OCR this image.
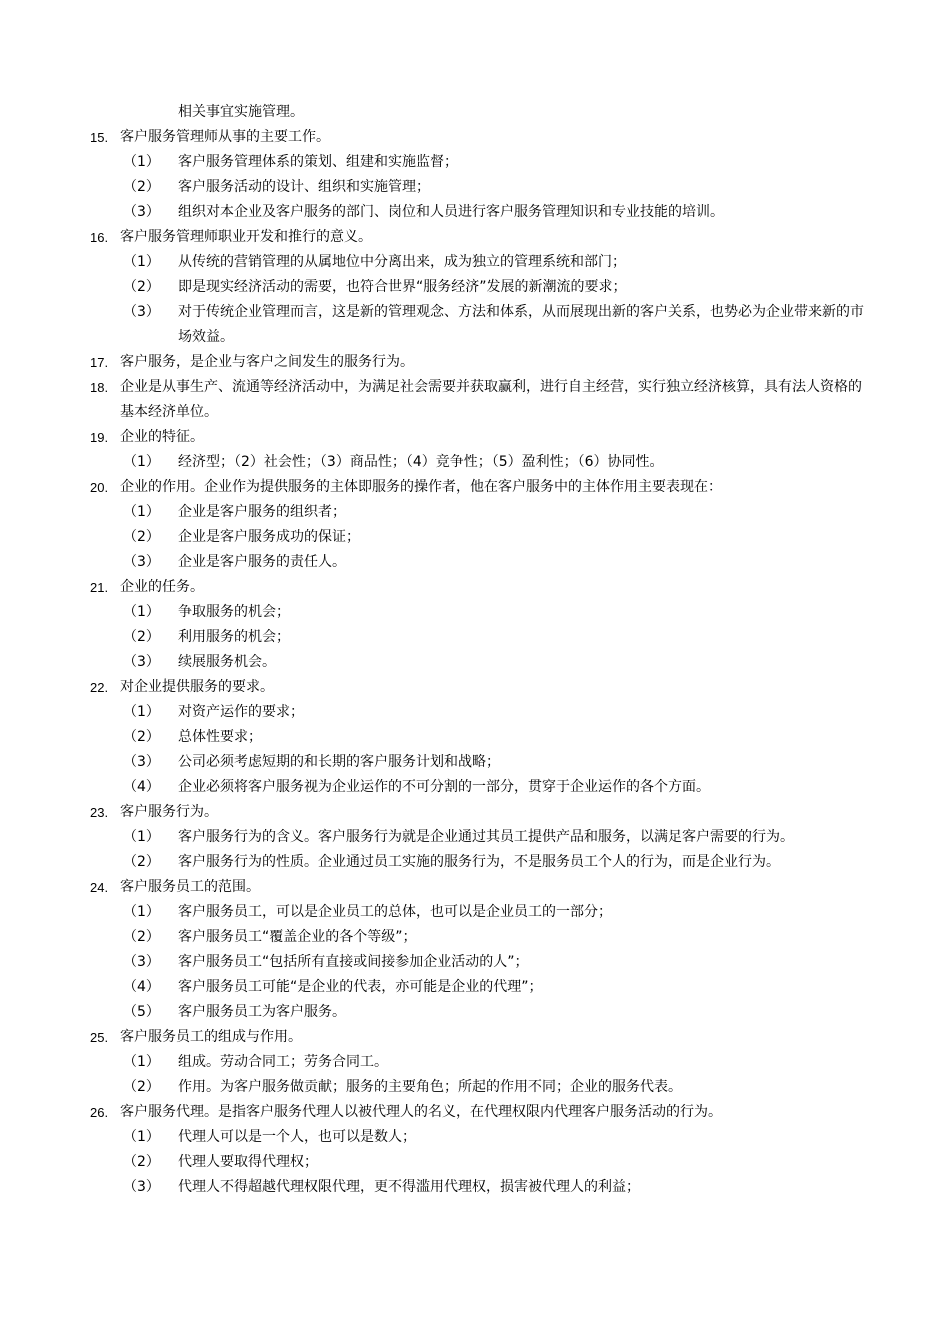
相关事宜实施管理。
15. 客户服务管理师从事的主要工作。
（1）	客户服务管理体系的策划、组建和实施监督；
（2）	客户服务活动的设计、组织和实施管理；
（3）	组织对本企业及客户服务的部门、岗位和人员进行客户服务管理知识和专业技能的培训。
16. 客户服务管理师职业开发和推行的意义。
（1）	从传统的营销管理的从属地位中分离出来，成为独立的管理系统和部门；
（2）	即是现实经济活动的需要，也符合世界“服务经济”发展的新潮流的要求；
（3）	对于传统企业管理而言，这是新的管理观念、方法和体系，从而展现出新的客户关系，也势必为企业带来新的市场效益。
17. 客户服务，是企业与客户之间发生的服务行为。
18. 企业是从事生产、流通等经济活动中，为满足社会需要并获取赢利，进行自主经营，实行独立经济核算，具有法人资格的基本经济单位。
19. 企业的特征。
（1）	经济型；（2）社会性；（3）商品性；（4）竞争性；（5）盈利性；（6）协同性。
20. 企业的作用。企业作为提供服务的主体即服务的操作者，他在客户服务中的主体作用主要表现在：
（1）	企业是客户服务的组织者；
（2）	企业是客户服务成功的保证；
（3）	企业是客户服务的责任人。
21. 企业的任务。
（1）	争取服务的机会；
（2）	利用服务的机会；
（3）	续展服务机会。
22. 对企业提供服务的要求。
（1）	对资产运作的要求；
（2）	总体性要求；
（3）	公司必须考虑短期的和长期的客户服务计划和战略；
（4）	企业必须将客户服务视为企业运作的不可分割的一部分，贯穿于企业运作的各个方面。
23. 客户服务行为。
（1）	客户服务行为的含义。客户服务行为就是企业通过其员工提供产品和服务，以满足客户需要的行为。
（2）	客户服务行为的性质。企业通过员工实施的服务行为，不是服务员工个人的行为，而是企业行为。
24. 客户服务员工的范围。
（1）	客户服务员工，可以是企业员工的总体，也可以是企业员工的一部分；
（2）	客户服务员工“覆盖企业的各个等级”；
（3）	客户服务员工“包括所有直接或间接参加企业活动的人”；
（4）	客户服务员工可能“是企业的代表，亦可能是企业的代理”；
（5）	客户服务员工为客户服务。
25. 客户服务员工的组成与作用。
（1）	组成。劳动合同工；劳务合同工。
（2）	作用。为客户服务做贡献；服务的主要角色；所起的作用不同；企业的服务代表。
26. 客户服务代理。是指客户服务代理人以被代理人的名义，在代理权限内代理客户服务活动的行为。
（1）	代理人可以是一个人，也可以是数人；
（2）	代理人要取得代理权；
（3）	代理人不得超越代理权限代理，更不得滥用代理权，损害被代理人的利益；
